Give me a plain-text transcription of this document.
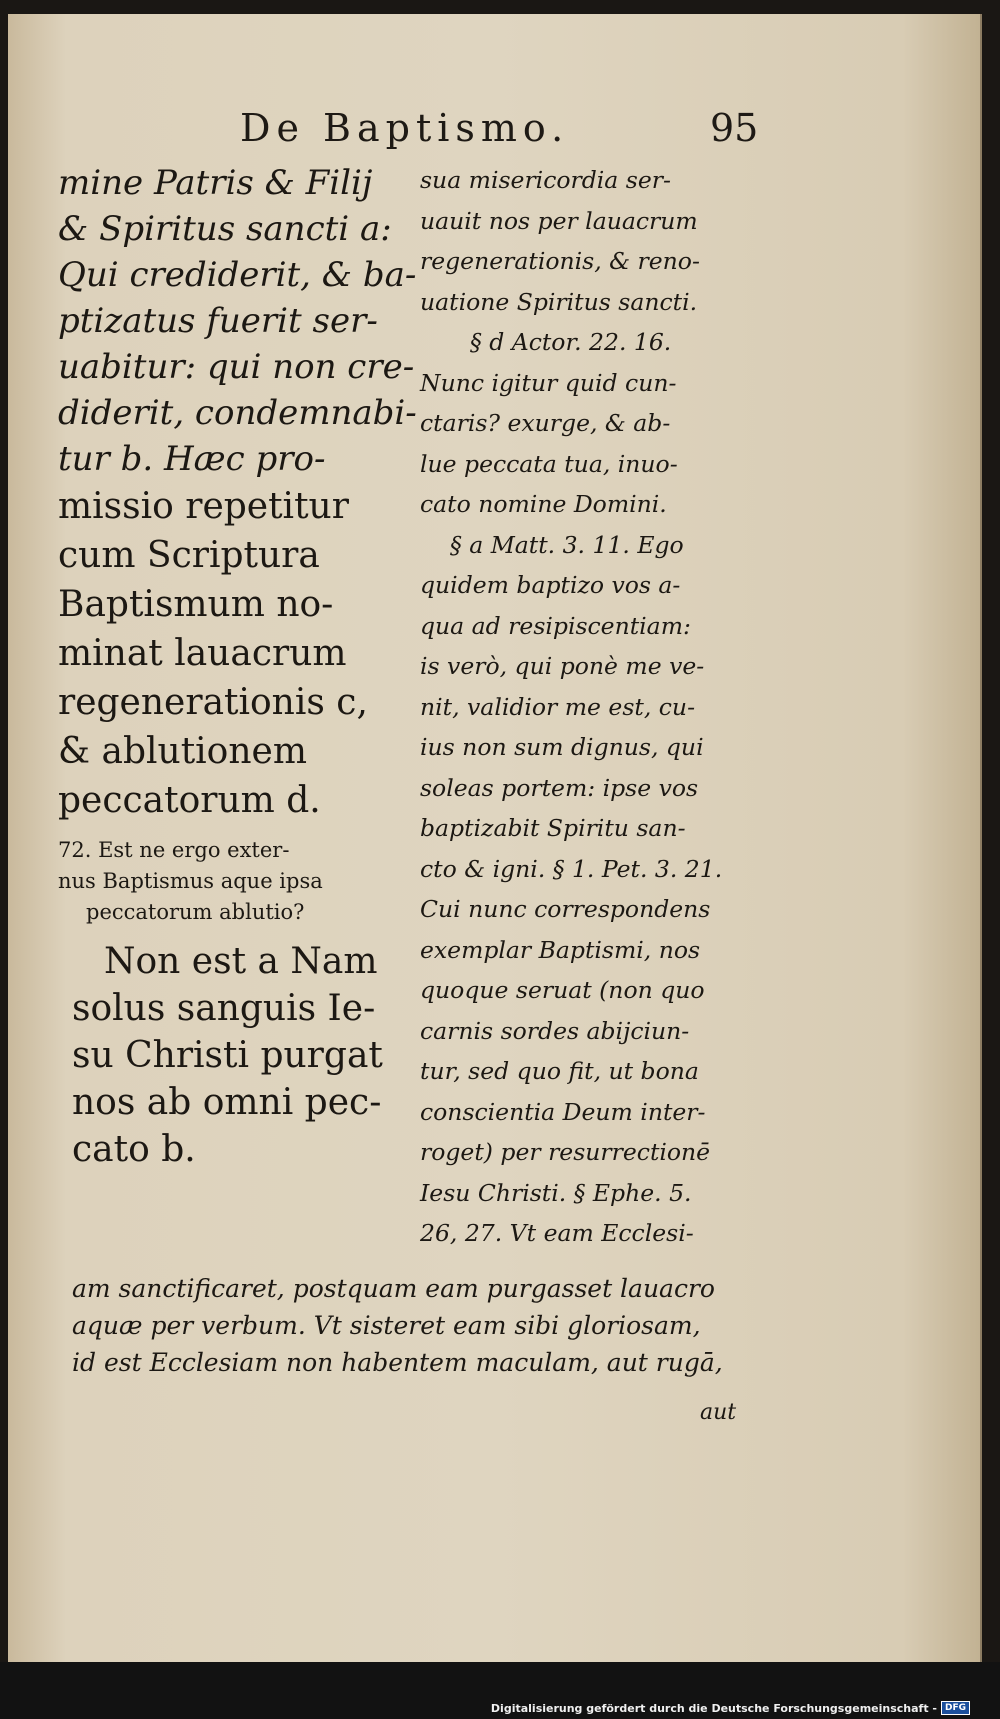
De Baptismo.	95
mine Patris & Filij
& Spiritus sancti a:
Qui crediderit, & ba-
ptizatus fuerit ser-
uabitur: qui non cre-
diderit, condemnabi-
tur b. Hæc pro-
missio repetitur
cum Scriptura
Baptismum no-
minat lauacrum
regenerationis c,
& ablutionem
peccatorum d.
72. Est ne ergo exter-
nus Baptismus aque ipsa
peccatorum ablutio?
Non est a Nam
solus sanguis Ie-
su Christi purgat
nos ab omni pec-
cato b.
sua misericordia ser-
uauit nos per lauacrum
regenerationis, & reno-
uatione Spiritus sancti.
§ d Actor. 22. 16.
Nunc igitur quid cun-
ctaris? exurge, & ab-
lue peccata tua, inuo-
cato nomine Domini.
§ a Matt. 3. 11. Ego
quidem baptizo vos a-
qua ad resipiscentiam:
is verò, qui ponè me ve-
nit, validior me est, cu-
ius non sum dignus, qui
soleas portem: ipse vos
baptizabit Spiritu san-
cto & igni. § 1. Pet. 3. 21.
Cui nunc correspondens
exemplar Baptismi, nos
quoque seruat (non quo
carnis sordes abijciun-
tur, sed quo fit, ut bona
conscientia Deum inter-
roget) per resurrectionē
Iesu Christi. § Ephe. 5.
26, 27. Vt eam Ecclesi-
am sanctificaret, postquam eam purgasset lauacro
aquæ per verbum. Vt sisteret eam sibi gloriosam,
id est Ecclesiam non habentem maculam, aut rugā,
aut
Digitalisierung gefördert durch die Deutsche Forschungsgemeinschaft - DFG
